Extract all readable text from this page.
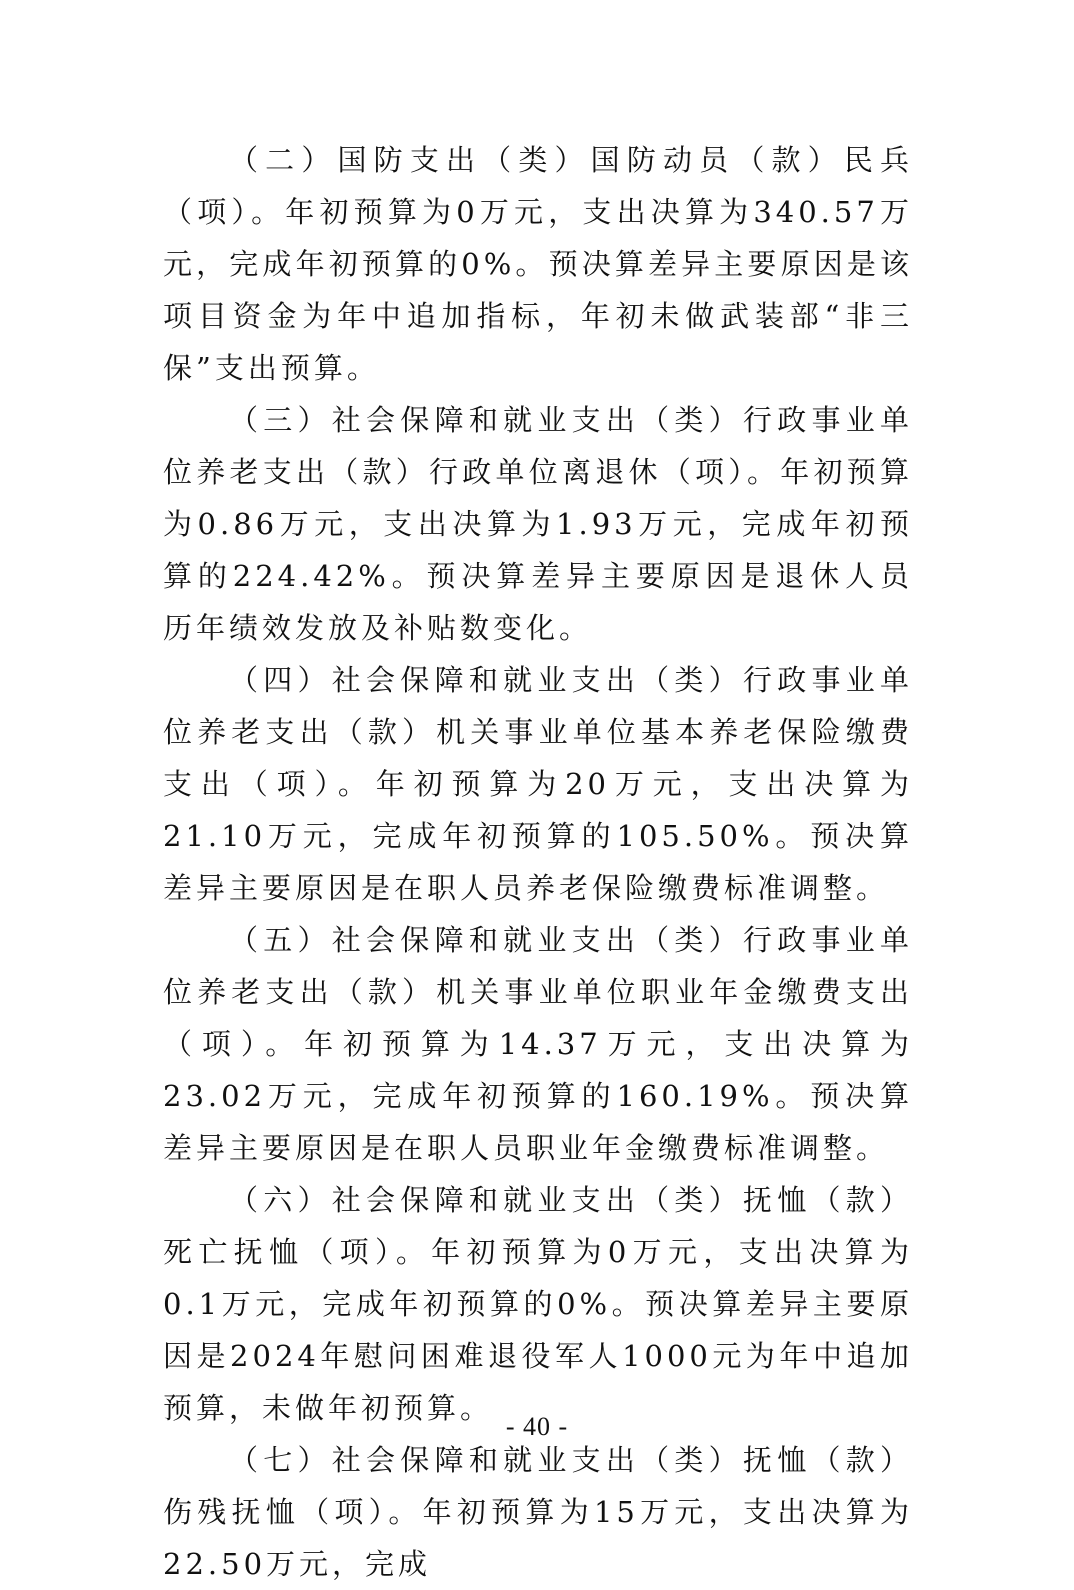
（二）国防支出（类）国防动员（款）民兵（项）。年初预算为0万元，支出决算为340.57万元，完成年初预算的0%。预决算差异主要原因是该项目资金为年中追加指标，年初未做武装部“非三保”支出预算。

（三）社会保障和就业支出（类）行政事业单位养老支出（款）行政单位离退休（项）。年初预算为0.86万元，支出决算为1.93万元，完成年初预算的224.42%。预决算差异主要原因是退休人员历年绩效发放及补贴数变化。

（四）社会保障和就业支出（类）行政事业单位养老支出（款）机关事业单位基本养老保险缴费支出（项）。年初预算为20万元，支出决算为21.10万元，完成年初预算的105.50%。预决算差异主要原因是在职人员养老保险缴费标准调整。

（五）社会保障和就业支出（类）行政事业单位养老支出（款）机关事业单位职业年金缴费支出（项）。年初预算为14.37万元，支出决算为23.02万元，完成年初预算的160.19%。预决算差异主要原因是在职人员职业年金缴费标准调整。

（六）社会保障和就业支出（类）抚恤（款）死亡抚恤（项）。年初预算为0万元，支出决算为0.1万元，完成年初预算的0%。预决算差异主要原因是2024年慰问困难退役军人1000元为年中追加预算，未做年初预算。

（七）社会保障和就业支出（类）抚恤（款）伤残抚恤（项）。年初预算为15万元，支出决算为22.50万元，完成

- 40 -
